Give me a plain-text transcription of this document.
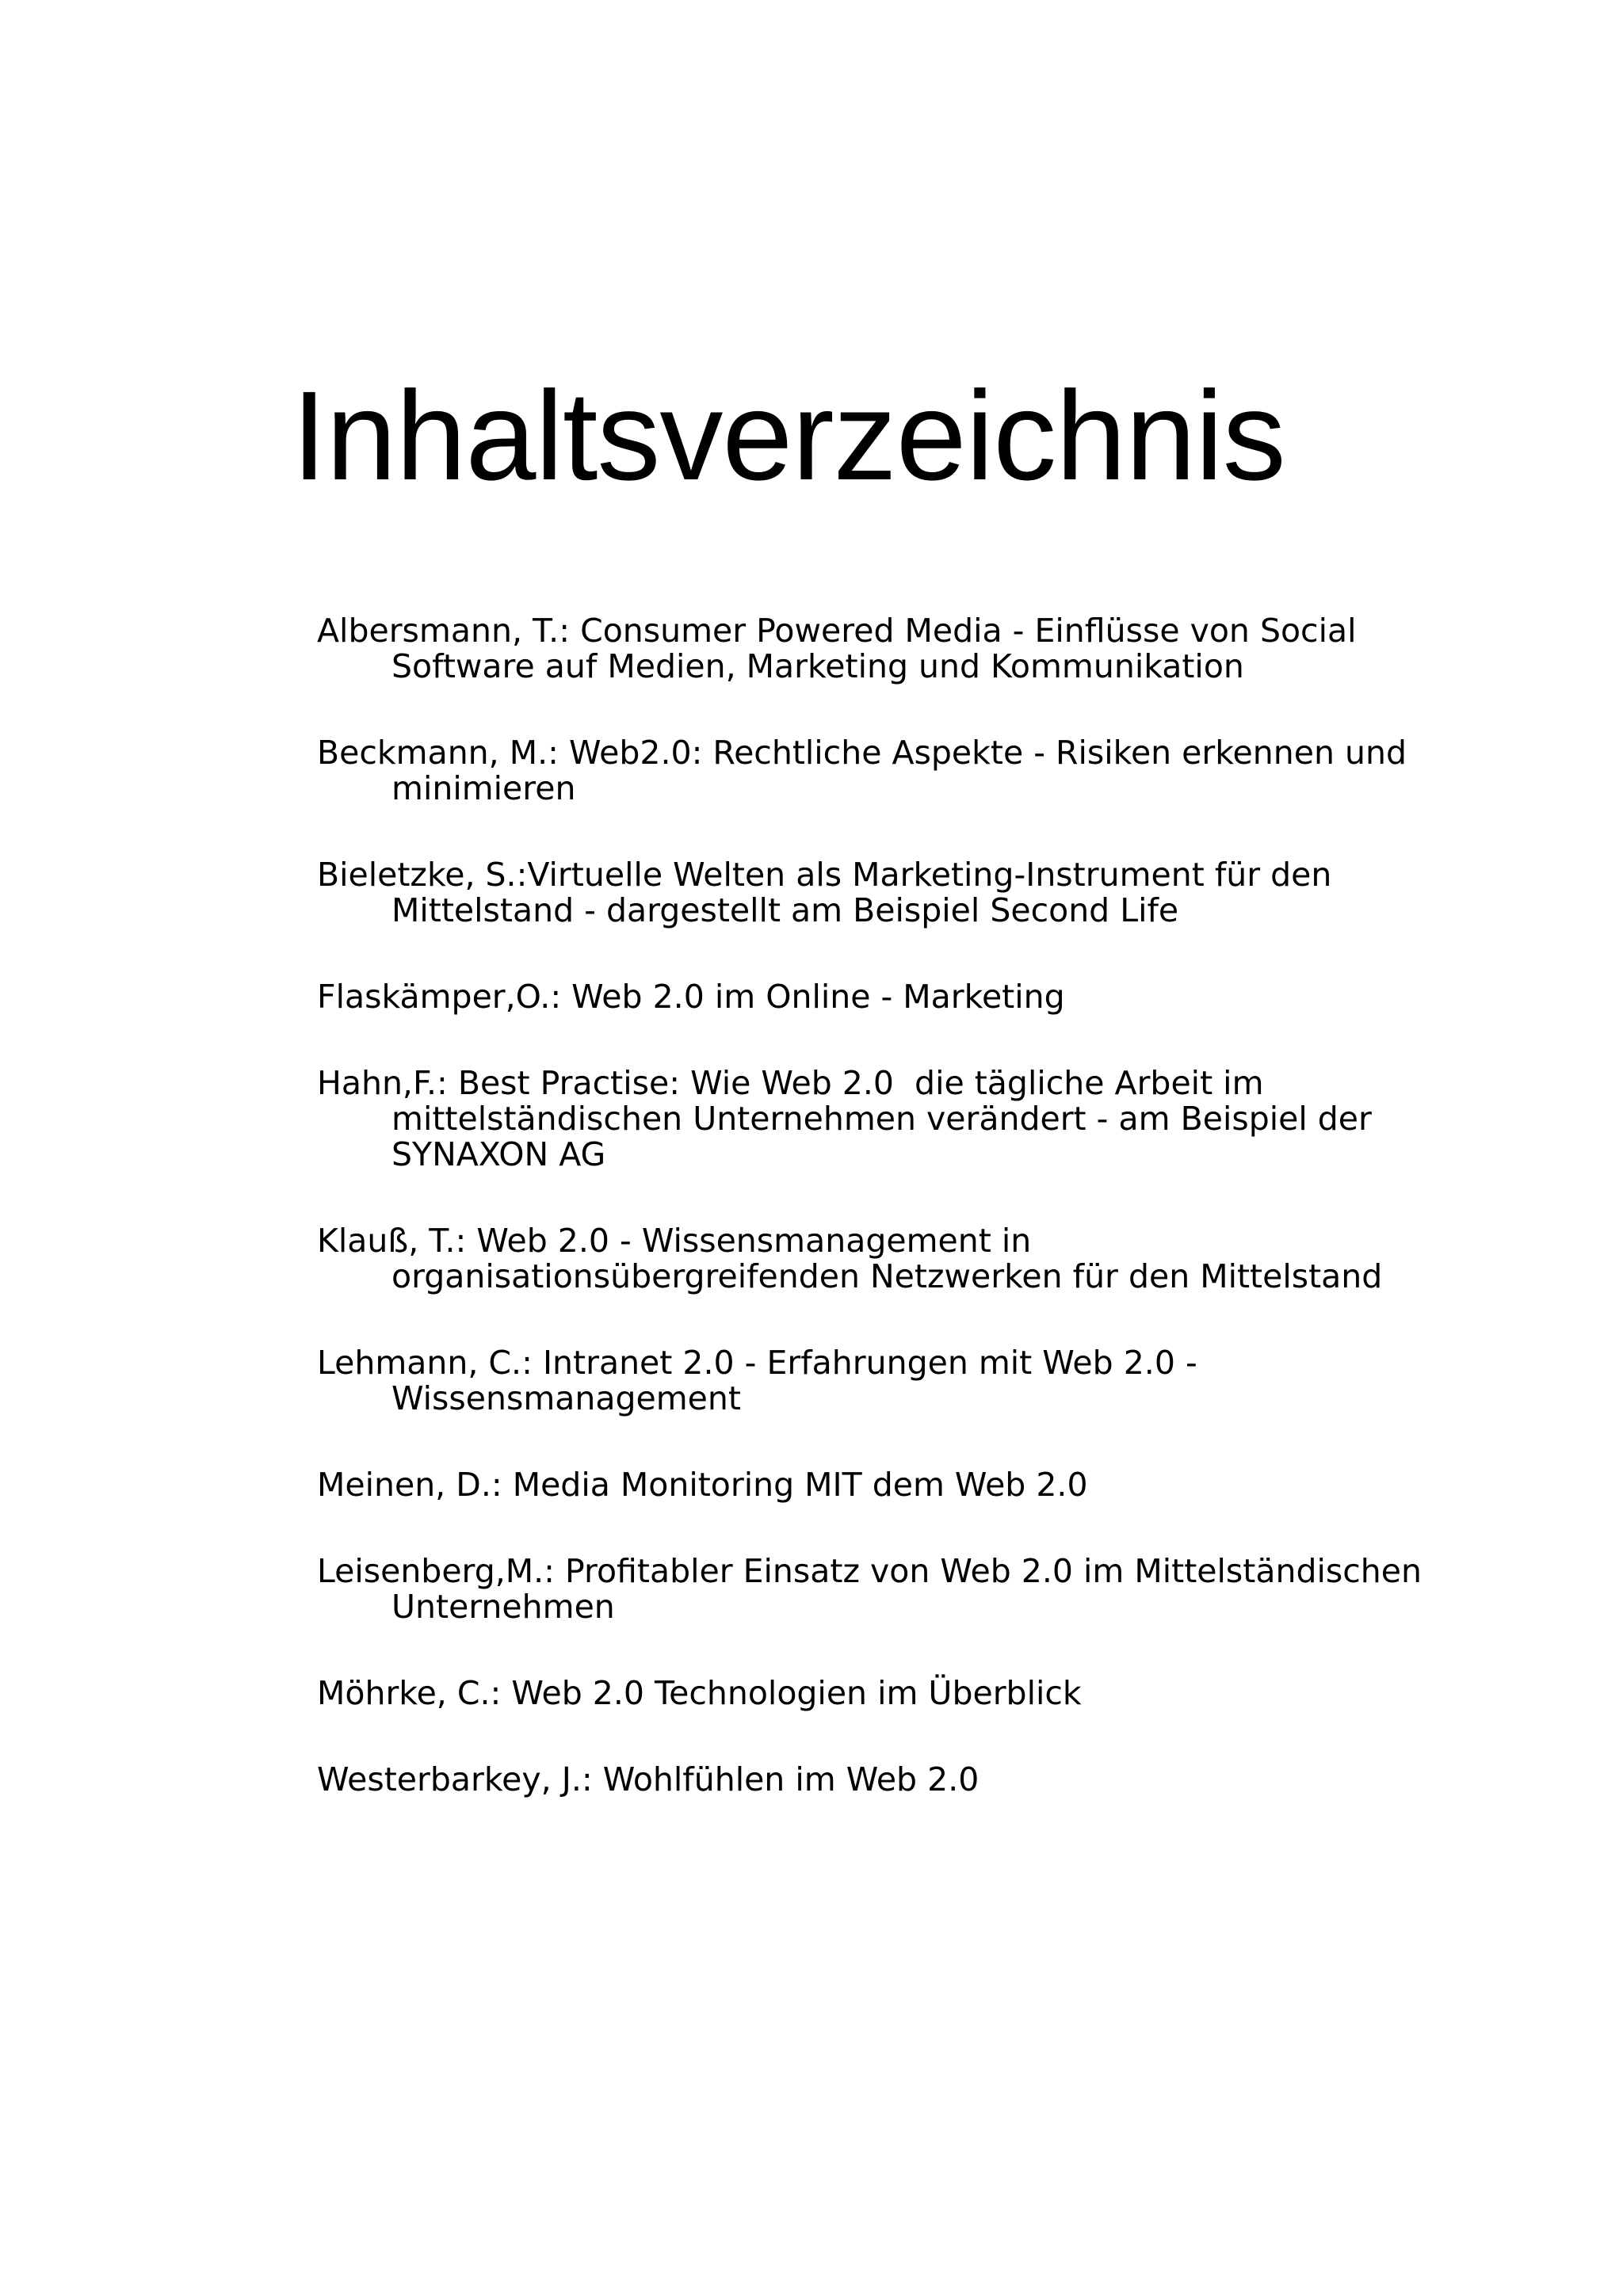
Inhaltsverzeichnis
Albersmann, T.: Consumer Powered Media - Einflüsse von Social Software auf Medien, Marketing und Kommunikation
Beckmann, M.: Web2.0: Rechtliche Aspekte - Risiken erkennen und minimieren
Bieletzke, S.:Virtuelle Welten als Marketing-Instrument für den Mittelstand - dargestellt am Beispiel Second Life
Flaskämper,O.: Web 2.0 im Online - Marketing
Hahn,F.: Best Practise: Wie Web 2.0  die tägliche Arbeit im mittelständischen Unternehmen verändert - am Beispiel der SYNAXON AG
Klauß, T.: Web 2.0 - Wissensmanagement in organisationsübergreifenden Netzwerken für den Mittelstand
Lehmann, C.: Intranet 2.0 - Erfahrungen mit Web 2.0 - Wissensmanagement
Meinen, D.: Media Monitoring MIT dem Web 2.0
Leisenberg,M.: Profitabler Einsatz von Web 2.0 im Mittelständischen Unternehmen
Möhrke, C.: Web 2.0 Technologien im Überblick
Westerbarkey, J.: Wohlfühlen im Web 2.0
